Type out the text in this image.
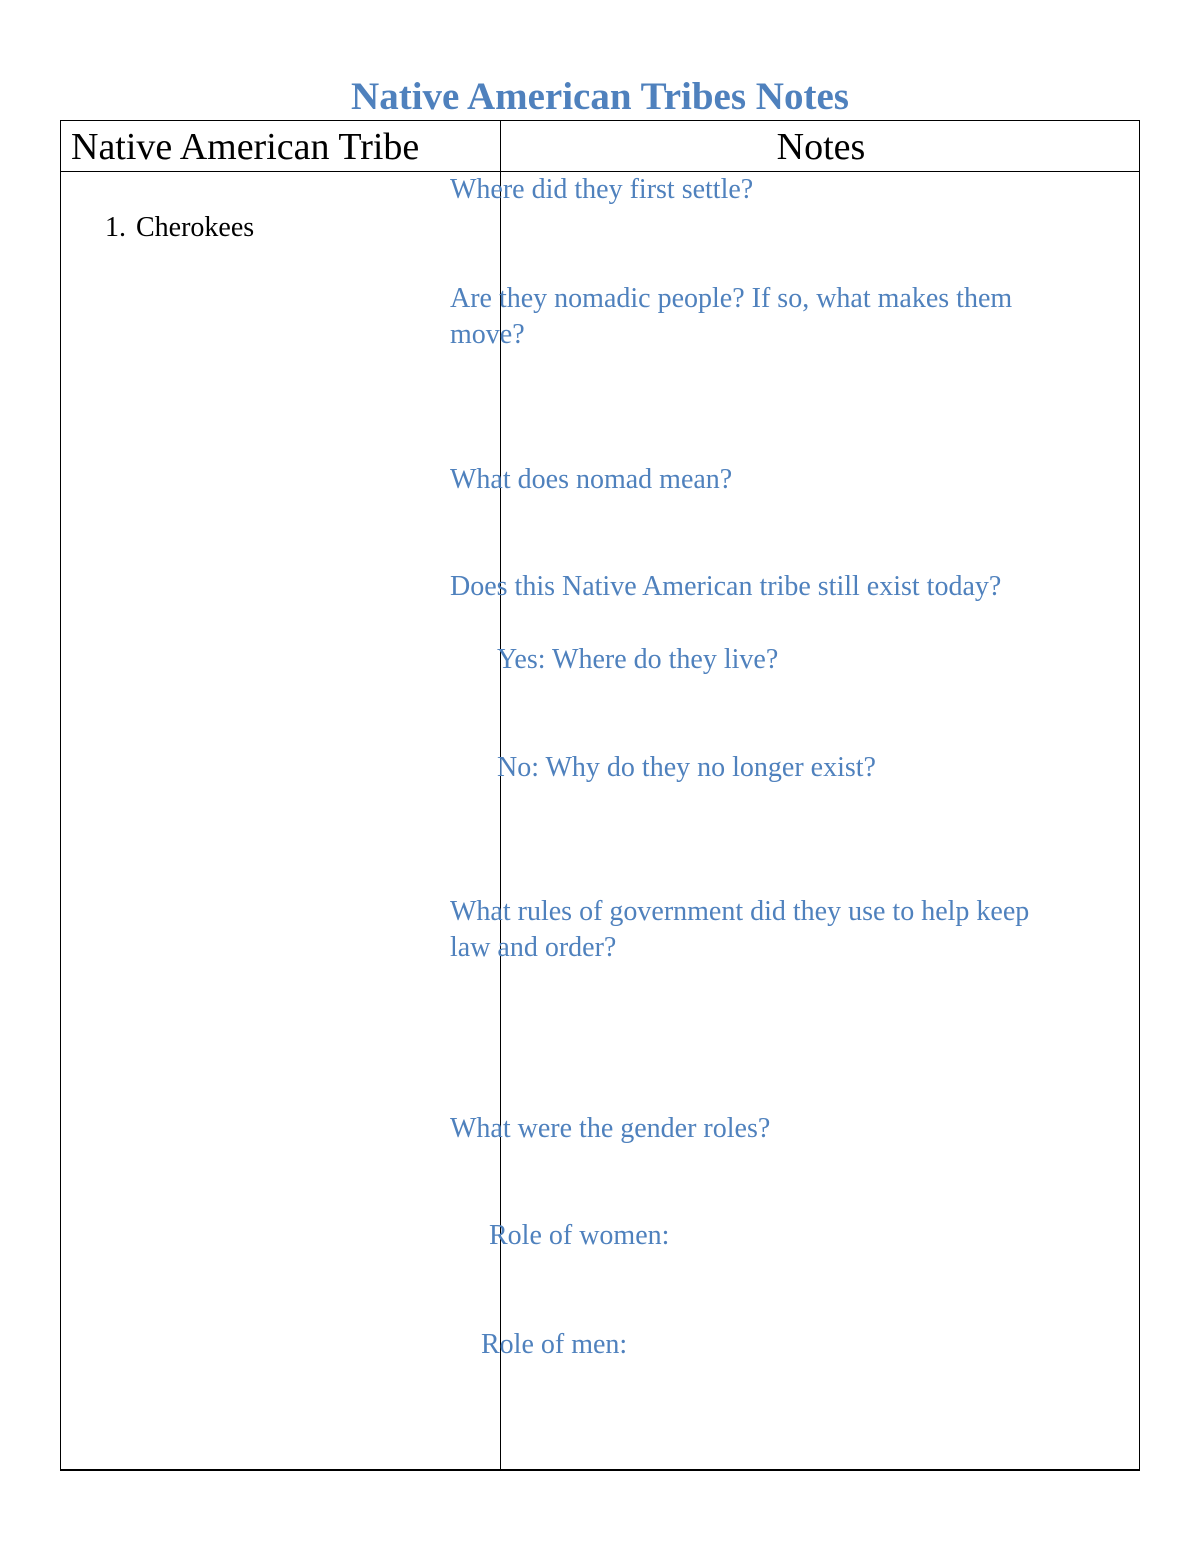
Native American Tribes Notes
Native American Tribe	Notes
1. Cherokees

Where did they first settle?

Are they nomadic people? If so, what makes them move?

What does nomad mean?

Does this Native American tribe still exist today?

Yes: Where do they live?

No: Why do they no longer exist?

What rules of government did they use to help keep law and order?

What were the gender roles?

Role of women:

Role of men:
